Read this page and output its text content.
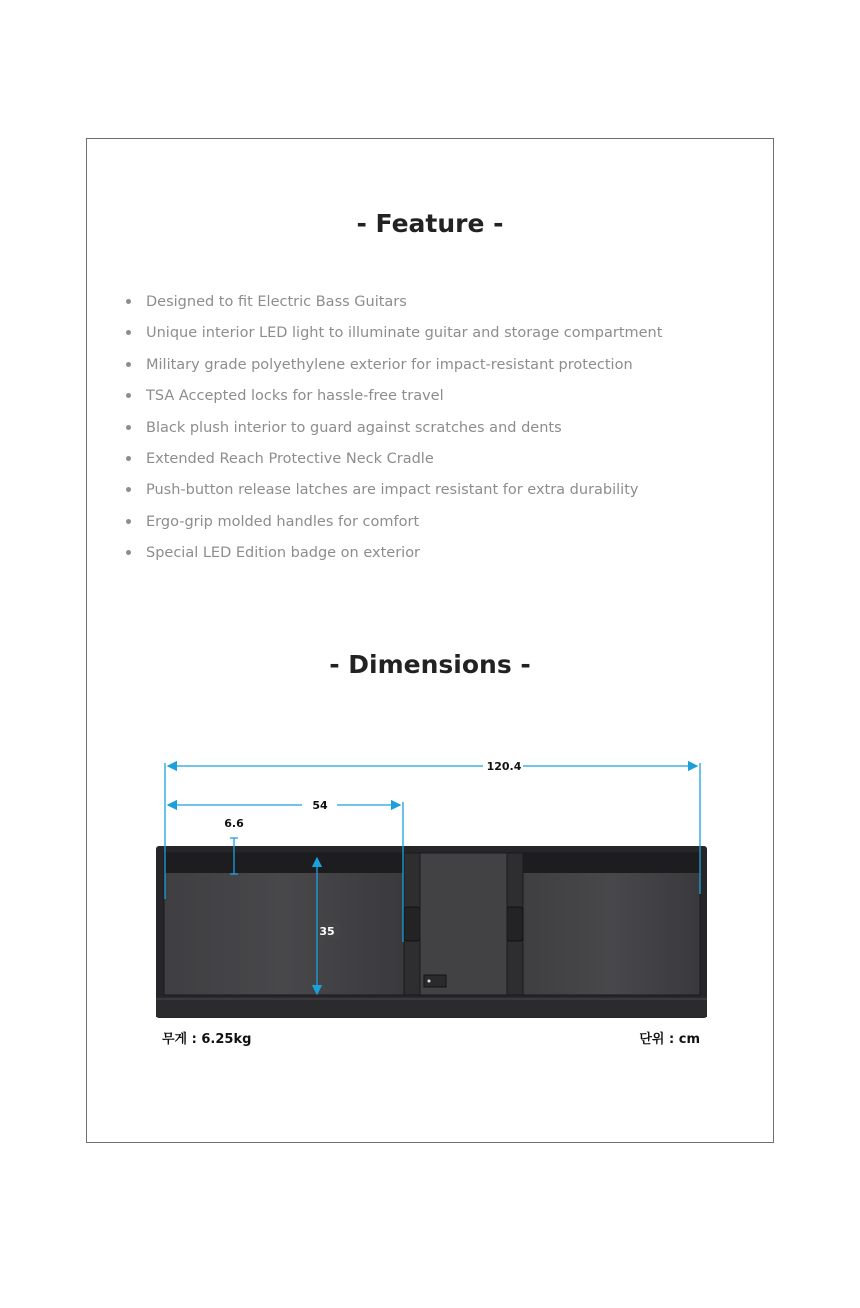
- Feature -
Designed to fit Electric Bass Guitars
Unique interior LED light to illuminate guitar and storage compartment
Military grade polyethylene exterior for impact-resistant protection
TSA Accepted locks for hassle-free travel
Black plush interior to guard against scratches and dents
Extended Reach Protective Neck Cradle
Push-button release latches are impact resistant for extra durability
Ergo-grip molded handles for comfort
Special LED Edition badge on exterior
- Dimensions -
120.4
54
6.6
35
무게 : 6.25kg	단위 : cm
